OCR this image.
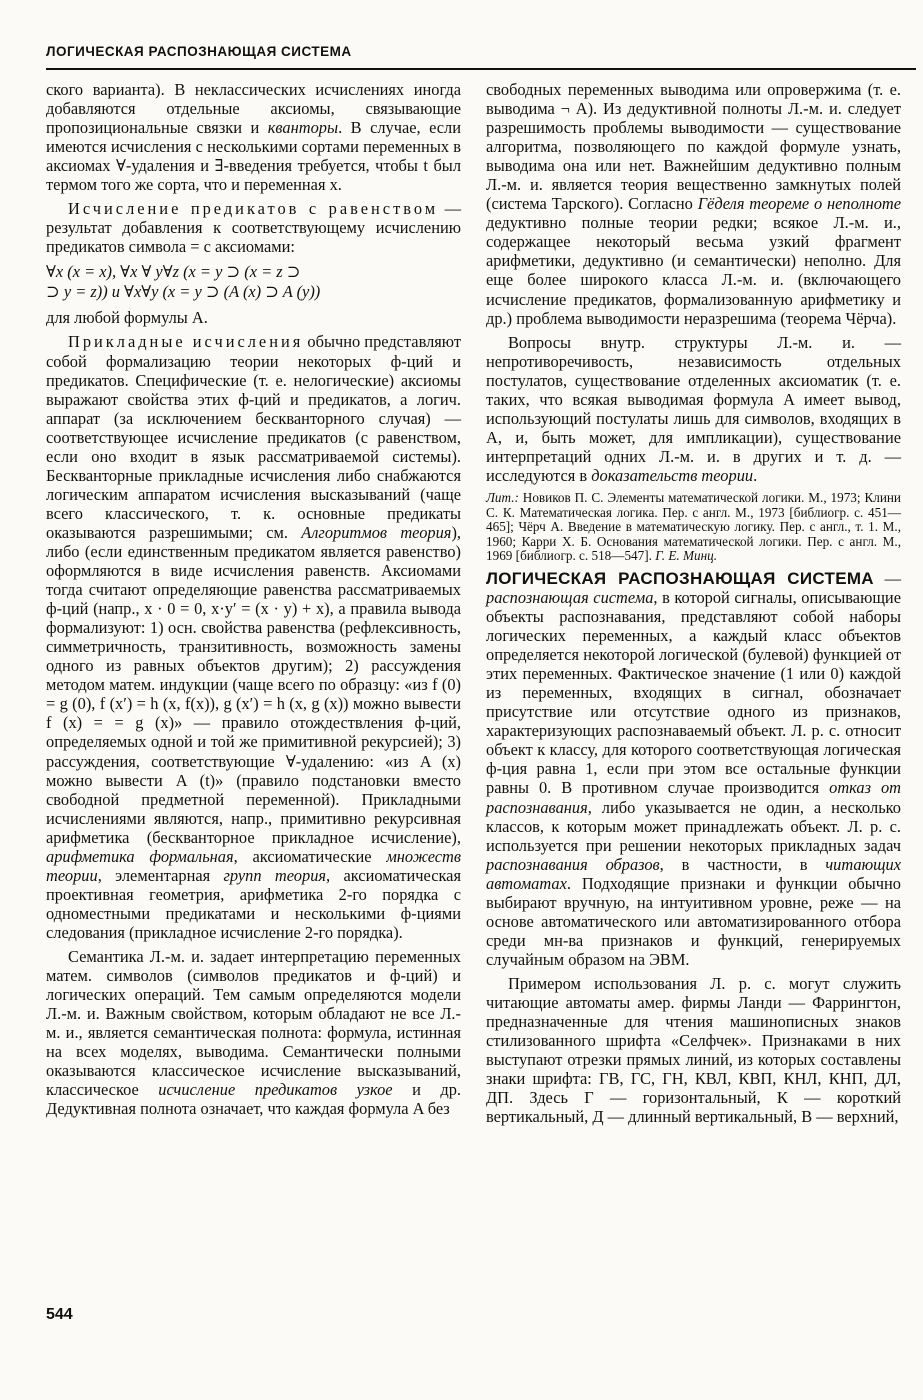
ЛОГИЧЕСКАЯ РАСПОЗНАЮЩАЯ СИСТЕМА

ского варианта). В неклассических исчислениях иногда добавляются отдельные аксиомы, связывающие пропозициональные связки и кванторы. В случае, если имеются исчисления с несколькими сортами переменных в аксиомах ∀-удаления и ∃-введения требуется, чтобы t был термом того же сорта, что и переменная x.

Исчисление предикатов с равенством — результат добавления к соответствующему исчислению предикатов символа = с аксиомами:

∀x (x = x), ∀x ∀ y∀z (x = y ⊃ (x = z ⊃
⊃ y = z)) и ∀x∀y (x = y ⊃ (A (x) ⊃ A (y))

для любой формулы A.

Прикладные исчисления обычно представляют собой формализацию теории некоторых ф-ций и предикатов. Специфические (т. е. нелогические) аксиомы выражают свойства этих ф-ций и предикатов, а логич. аппарат (за исключением бескванторного случая) — соответствующее исчисление предикатов (с равенством, если оно входит в язык рассматриваемой системы). Бескванторные прикладные исчисления либо снабжаются логическим аппаратом исчисления высказываний (чаще всего классического, т. к. основные предикаты оказываются разрешимыми; см. Алгоритмов теория), либо (если единственным предикатом является равенство) оформляются в виде исчисления равенств. Аксиомами тогда считают определяющие равенства рассматриваемых ф-ций (напр., x · 0 = 0, x·y′ = (x · y) + x), а правила вывода формализуют: 1) осн. свойства равенства (рефлексивность, симметричность, транзитивность, возможность замены одного из равных объектов другим); 2) рассуждения методом матем. индукции (чаще всего по образцу: «из f (0) = g (0), f (x′) = h (x, f(x)), g (x′) = h (x, g (x)) можно вывести f (x) = = g (x)» — правило отождествления ф-ций, определяемых одной и той же примитивной рекурсией); 3) рассуждения, соответствующие ∀-удалению: «из A (x) можно вывести A (t)» (правило подстановки вместо свободной предметной переменной). Прикладными исчислениями являются, напр., примитивно рекурсивная арифметика (бескванторное прикладное исчисление), арифметика формальная, аксиоматические множеств теории, элементарная групп теория, аксиоматическая проективная геометрия, арифметика 2-го порядка с одноместными предикатами и несколькими ф-циями следования (прикладное исчисление 2-го порядка).

Семантика Л.-м. и. задает интерпретацию переменных матем. символов (символов предикатов и ф-ций) и логических операций. Тем самым определяются модели Л.-м. и. Важным свойством, которым обладают не все Л.-м. и., является семантическая полнота: формула, истинная на всех моделях, выводима. Семантически полными оказываются классическое исчисление высказываний, классическое исчисление предикатов узкое и др. Дедуктивная полнота означает, что каждая формула A без

свободных переменных выводима или опровержима (т. е. выводима ¬ A). Из дедуктивной полноты Л.-м. и. следует разрешимость проблемы выводимости — существование алгоритма, позволяющего по каждой формуле узнать, выводима она или нет. Важнейшим дедуктивно полным Л.-м. и. является теория вещественно замкнутых полей (система Тарского). Согласно Гёделя теореме о неполноте дедуктивно полные теории редки; всякое Л.-м. и., содержащее некоторый весьма узкий фрагмент арифметики, дедуктивно (и семантически) неполно. Для еще более широкого класса Л.-м. и. (включающего исчисление предикатов, формализованную арифметику и др.) проблема выводимости неразрешима (теорема Чёрча).

Вопросы внутр. структуры Л.-м. и. — непротиворечивость, независимость отдельных постулатов, существование отделенных аксиоматик (т. е. таких, что всякая выводимая формула A имеет вывод, использующий постулаты лишь для символов, входящих в A, и, быть может, для импликации), существование интерпретаций одних Л.-м. и. в других и т. д. — исследуются в доказательств теории.

Лит.: Новиков П. С. Элементы математической логики. М., 1973; Клини С. К. Математическая логика. Пер. с англ. М., 1973 [библиогр. с. 451—465]; Чёрч А. Введение в математическую логику. Пер. с англ., т. 1. М., 1960; Карри Х. Б. Основания математической логики. Пер. с англ. М., 1969 [библиогр. с. 518—547]. Г. Е. Минц.

ЛОГИЧЕСКАЯ РАСПОЗНАЮЩАЯ СИСТЕМА — распознающая система, в которой сигналы, описывающие объекты распознавания, представляют собой наборы логических переменных, а каждый класс объектов определяется некоторой логической (булевой) функцией от этих переменных. Фактическое значение (1 или 0) каждой из переменных, входящих в сигнал, обозначает присутствие или отсутствие одного из признаков, характеризующих распознаваемый объект. Л. р. с. относит объект к классу, для которого соответствующая логическая ф-ция равна 1, если при этом все остальные функции равны 0. В противном случае производится отказ от распознавания, либо указывается не один, а несколько классов, к которым может принадлежать объект. Л. р. с. используется при решении некоторых прикладных задач распознавания образов, в частности, в читающих автоматах. Подходящие признаки и функции обычно выбирают вручную, на интуитивном уровне, реже — на основе автоматического или автоматизированного отбора среди мн-ва признаков и функций, генерируемых случайным образом на ЭВМ.

Примером использования Л. р. с. могут служить читающие автоматы амер. фирмы Ланди — Фаррингтон, предназначенные для чтения машинописных знаков стилизованного шрифта «Селфчек». Признаками в них выступают отрезки прямых линий, из которых составлены знаки шрифта: ГВ, ГС, ГН, КВЛ, КВП, КНЛ, КНП, ДЛ, ДП. Здесь Г — горизонтальный, К — короткий вертикальный, Д — длинный вертикальный, В — верхний,

544
